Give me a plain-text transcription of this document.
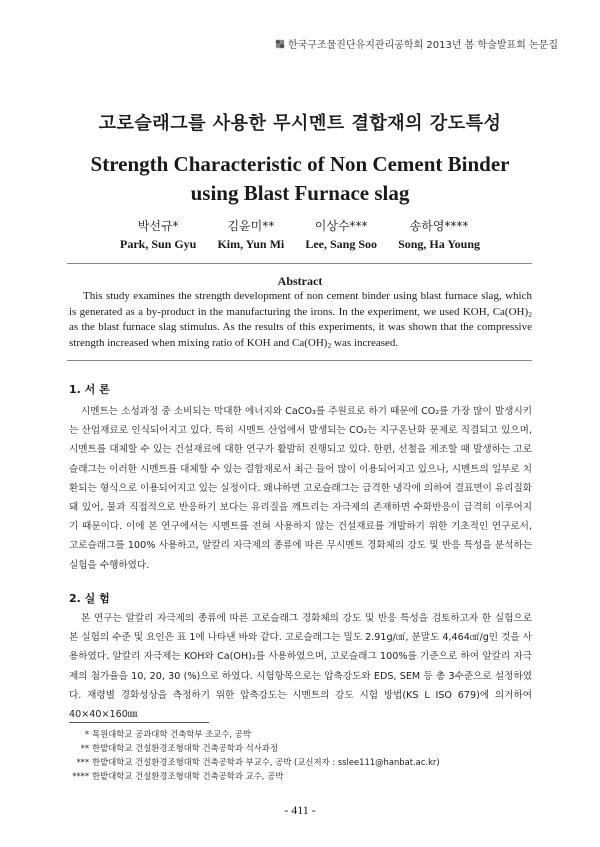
한국구조물진단유지관리공학회 2013년 봄 학술발표회 논문집
고로슬래그를 사용한 무시멘트 결합재의 강도특성
Strength Characteristic of Non Cement Binder
using Blast Furnace slag
박선규*
Park, Sun Gyu
김윤미**
Kim, Yun Mi
이상수***
Lee, Sang Soo
송하영****
Song, Ha Young
Abstract
This study examines the strength development of non cement binder using blast furnace slag, which is generated as a by-product in the manufacturing the irons. In the experiment, we used KOH, $Ca(OH)_2$ as the blast furnace slag stimulus. As the results of this experiments, it was shown that the compressive strength increased when mixing ratio of KOH and $Ca(OH)_2$ was increased.
1. 서 론
시멘트는 소성과정 중 소비되는 막대한 에너지와 CaCO₃를 주원료로 하기 때문에 CO₂를 가장 많이 발생시키는 산업재료로 인식되어지고 있다. 특히 시멘트 산업에서 발생되는 CO₂는 지구온난화 문제로 직결되고 있으며, 시멘트를 대체할 수 있는 건설재료에 대한 연구가 활발히 진행되고 있다. 한편, 선철을 제조할 때 발생하는 고로슬래그는 이러한 시멘트를 대체할 수 있는 결합재로서 최근 들어 많이 이용되어지고 있으나, 시멘트의 일부로 치환되는 형식으로 이용되어지고 있는 실정이다. 왜냐하면 고로슬래그는 급격한 냉각에 의하여 결표면이 유리질화 돼 있어, 물과 직접적으로 반응하기 보다는 유리질을 깨트리는 자극제의 존재하면 수화반응이 급격히 이루어지기 때문이다. 이에 본 연구에서는 시멘트를 전혀 사용하지 않는 건설재료를 개발하기 위한 기초적인 연구로서, 고로슬래그를 100% 사용하고, 알칼리 자극제의 종류에 따른 무시멘트 경화체의 강도 및 반응 특성을 분석하는 실험을 수행하였다.
2. 실 험
본 연구는 알칼리 자극제의 종류에 따른 고로슬래그 경화체의 강도 및 반응 특성을 검토하고자 한 실험으로 본 실험의 수준 및 요인은 표 1에 나타낸 바와 같다. 고로슬래그는 밀도 2.91g/㎤, 분말도 4,464㎠/g인 것을 사용하였다. 알칼리 자극제는 KOH와 Ca(OH)₂를 사용하였으며, 고로슬래그 100%를 기준으로 하여 알칼리 자극제의 첨가율을 10, 20, 30 (%)으로 하였다. 시험항목으로는 압축강도와 EDS, SEM 등 총 3수준으로 설정하였다. 재령별 경화성상을 측정하기 위한 압축강도는 시멘트의 강도 시험 방법(KS L ISO 679)에 의거하여 40×40×160㎜
* 목원대학교 공과대학 건축학부 조교수, 공박
** 한밭대학교 건설환경조형대학 건축공학과 석사과정
*** 한밭대학교 건설환경조형대학 건축공학과 부교수, 공박 (교신저자 : sslee111@hanbat.ac.kr)
**** 한밭대학교 건설환경조형대학 건축공학과 교수, 공박
- 411 -
